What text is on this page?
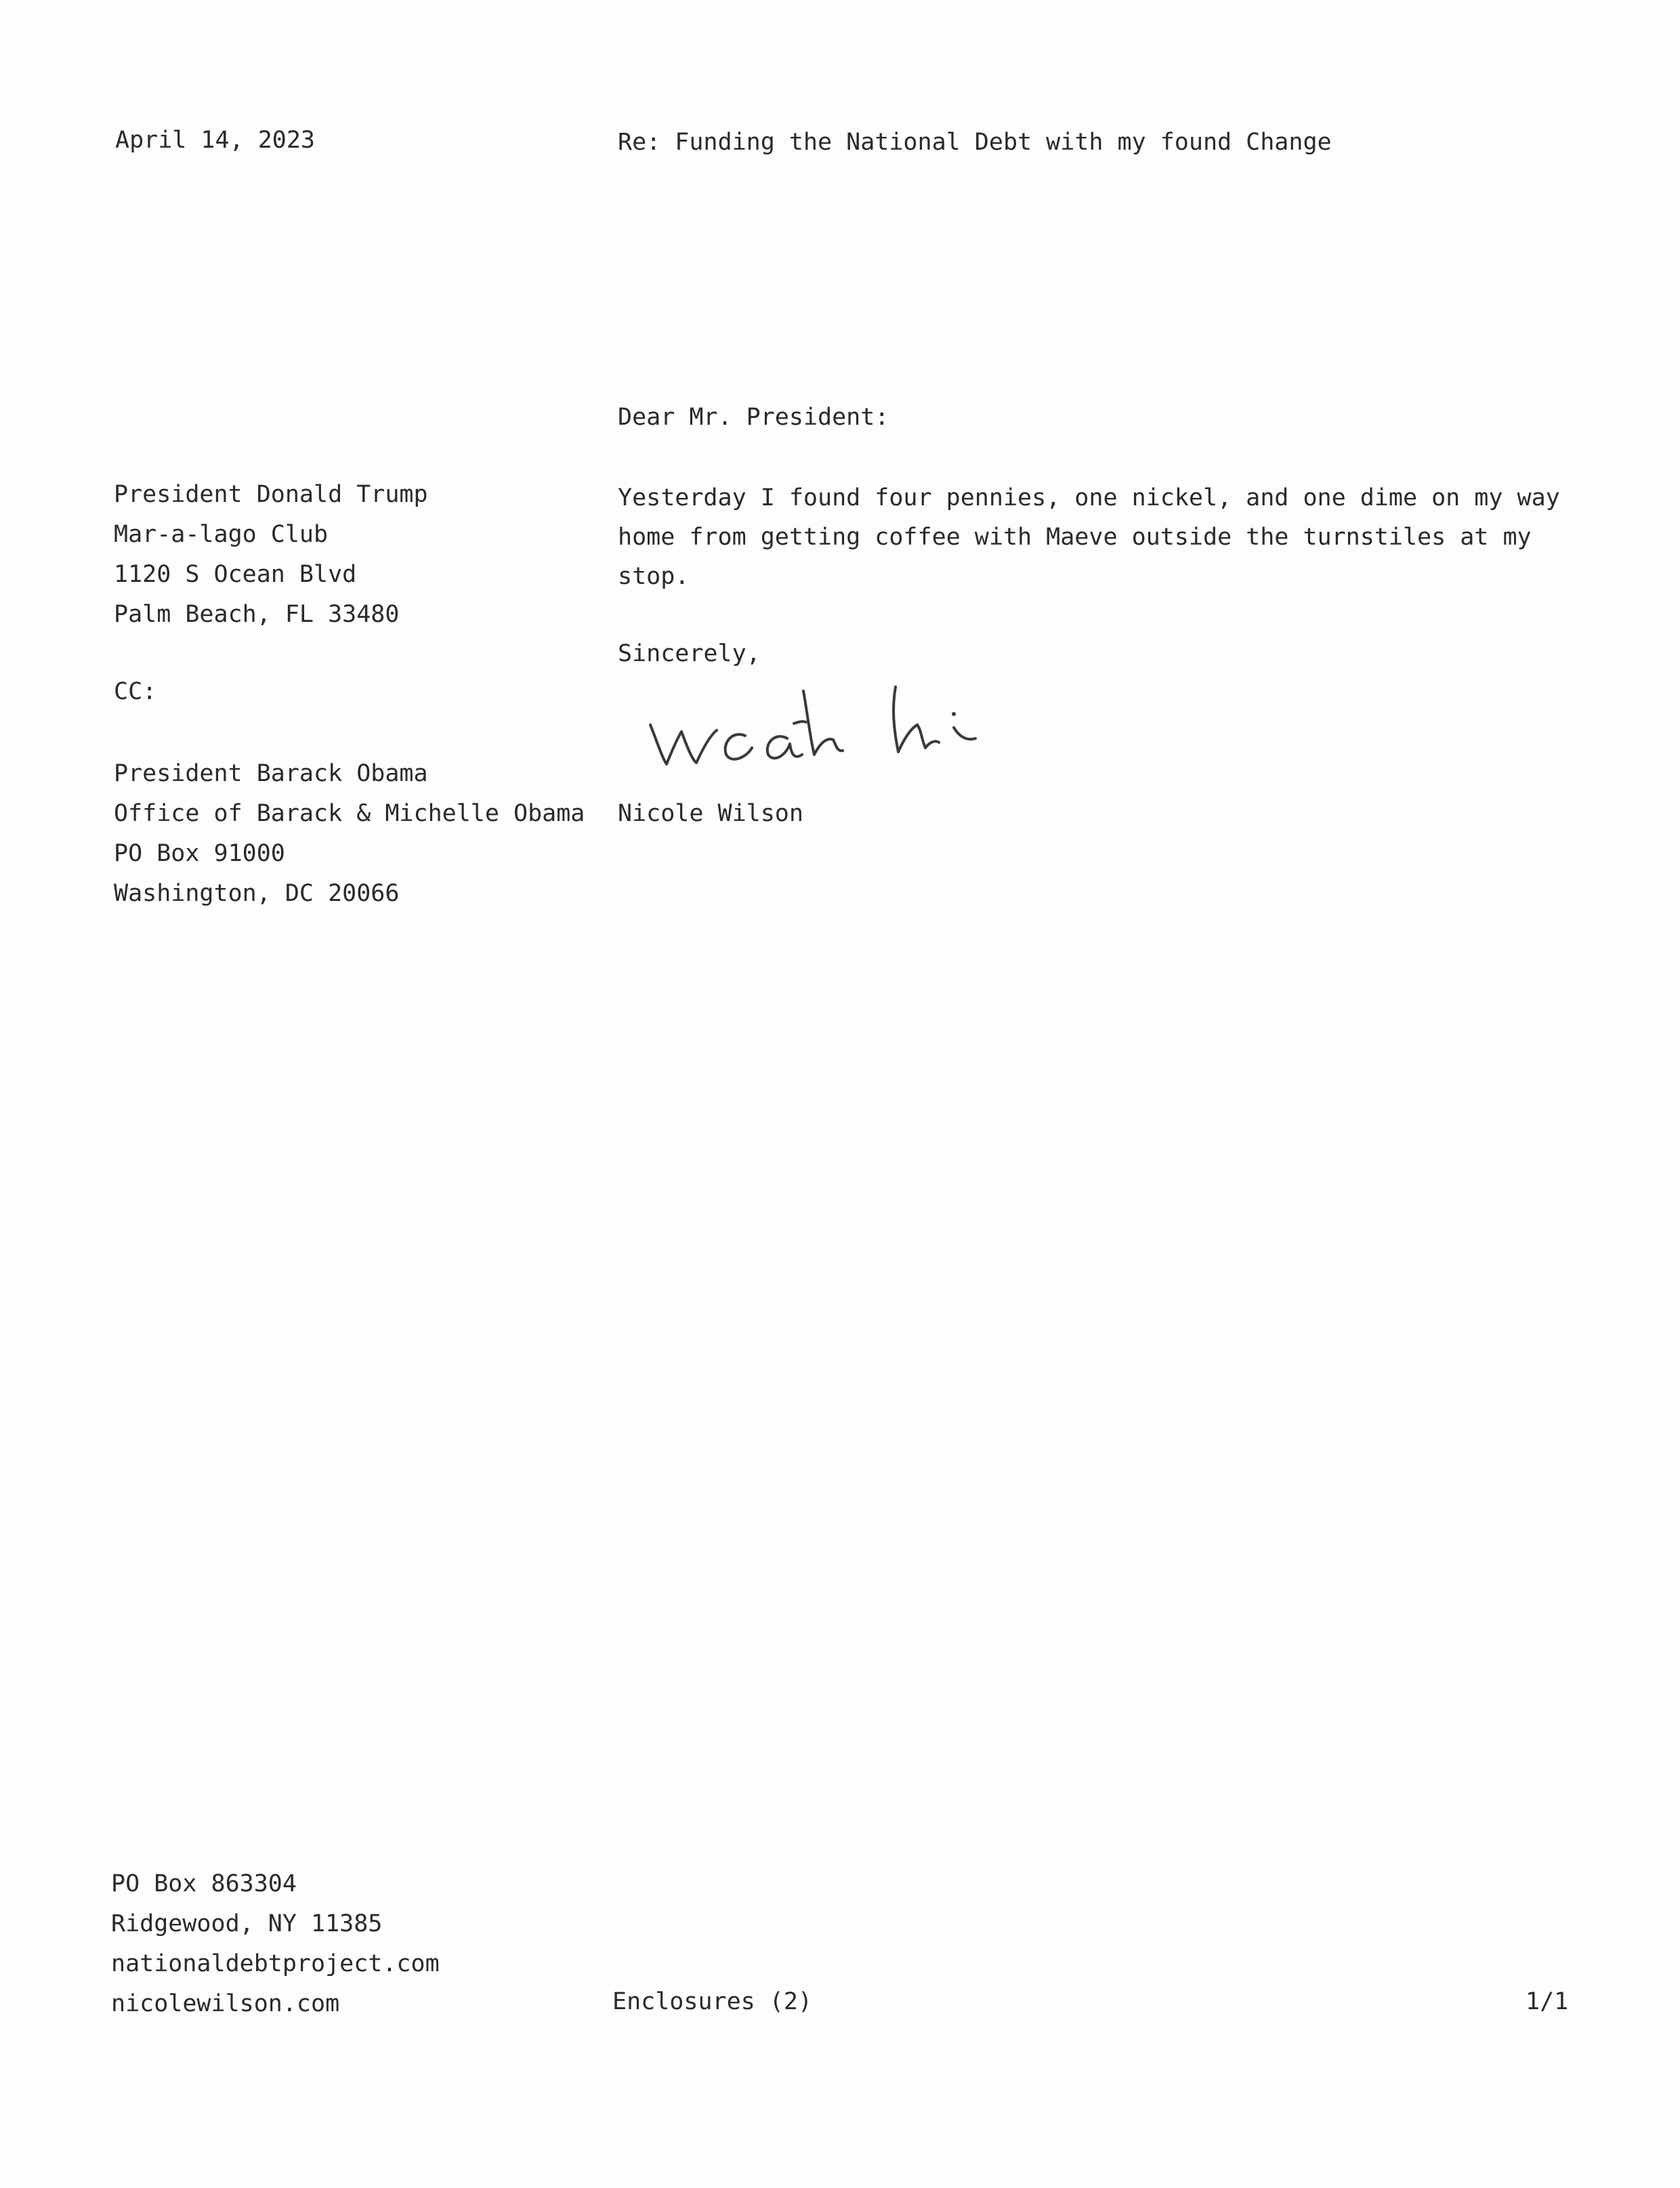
April 14, 2023	Re: Funding the National Debt with my found Change

Dear Mr. President:

President Donald Trump
Mar-a-lago Club
1120 S Ocean Blvd
Palm Beach, FL 33480

Yesterday I found four pennies, one nickel, and one dime on my way home from getting coffee with Maeve outside the turnstiles at my stop.

Sincerely,

CC:

President Barack Obama
Office of Barack & Michelle Obama
PO Box 91000
Washington, DC 20066

Nicole Wilson

PO Box 863304
Ridgewood, NY 11385
nationaldebtproject.com
nicolewilson.com	Enclosures (2)	1/1
